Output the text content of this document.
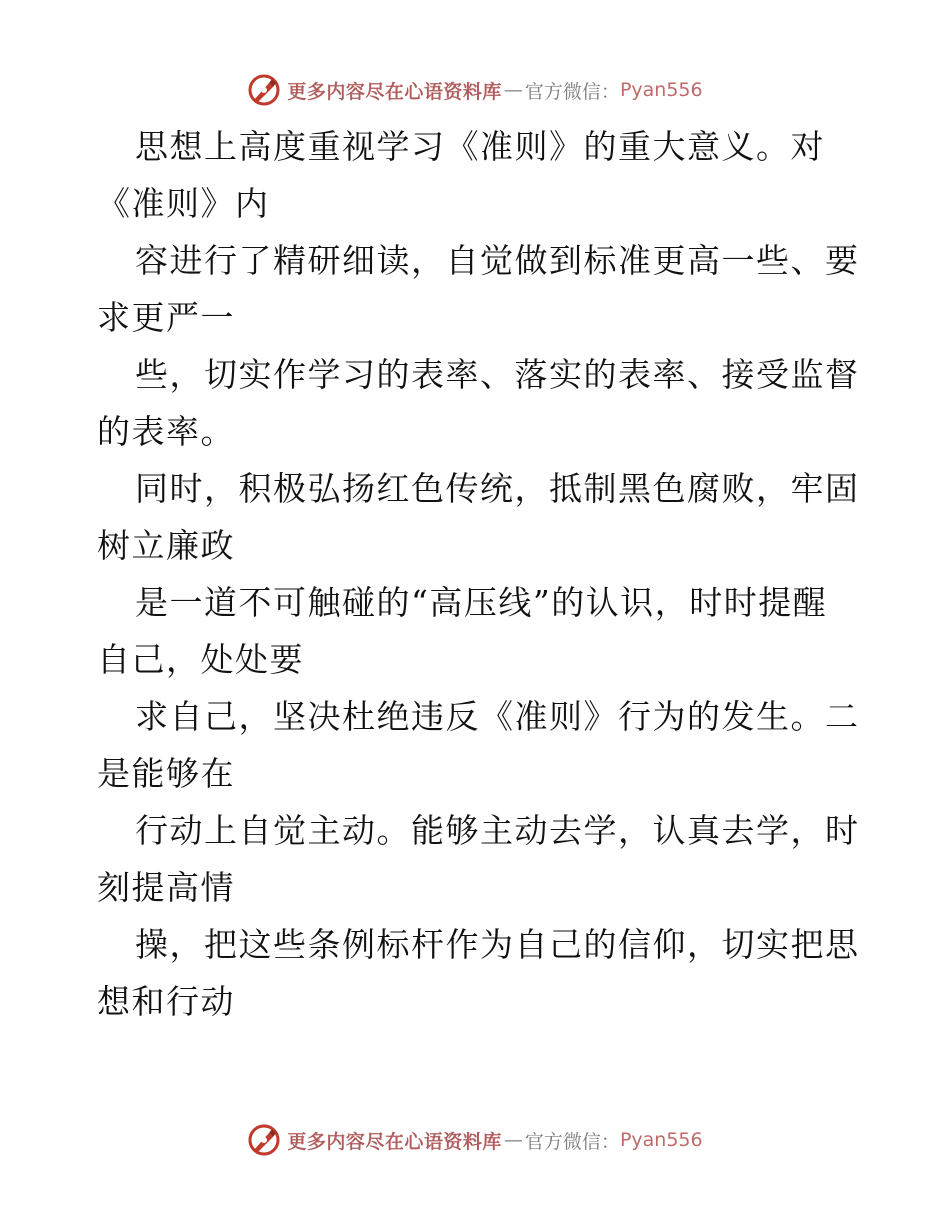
更多内容尽在心语资料库 — 官方微信： Pyan556
思想上高度重视学习《准则》的重大意义。对
《准则》内
容进行了精研细读，自觉做到标准更高一些、要
求更严一
些，切实作学习的表率、落实的表率、接受监督
的表率。
同时，积极弘扬红色传统，抵制黑色腐败，牢固
树立廉政
是一道不可触碰的“高压线”的认识，时时提醒
自己，处处要
求自己，坚决杜绝违反《准则》行为的发生。二
是能够在
行动上自觉主动。能够主动去学，认真去学，时
刻提高情
操，把这些条例标杆作为自己的信仰，切实把思
想和行动
更多内容尽在心语资料库 — 官方微信： Pyan556
